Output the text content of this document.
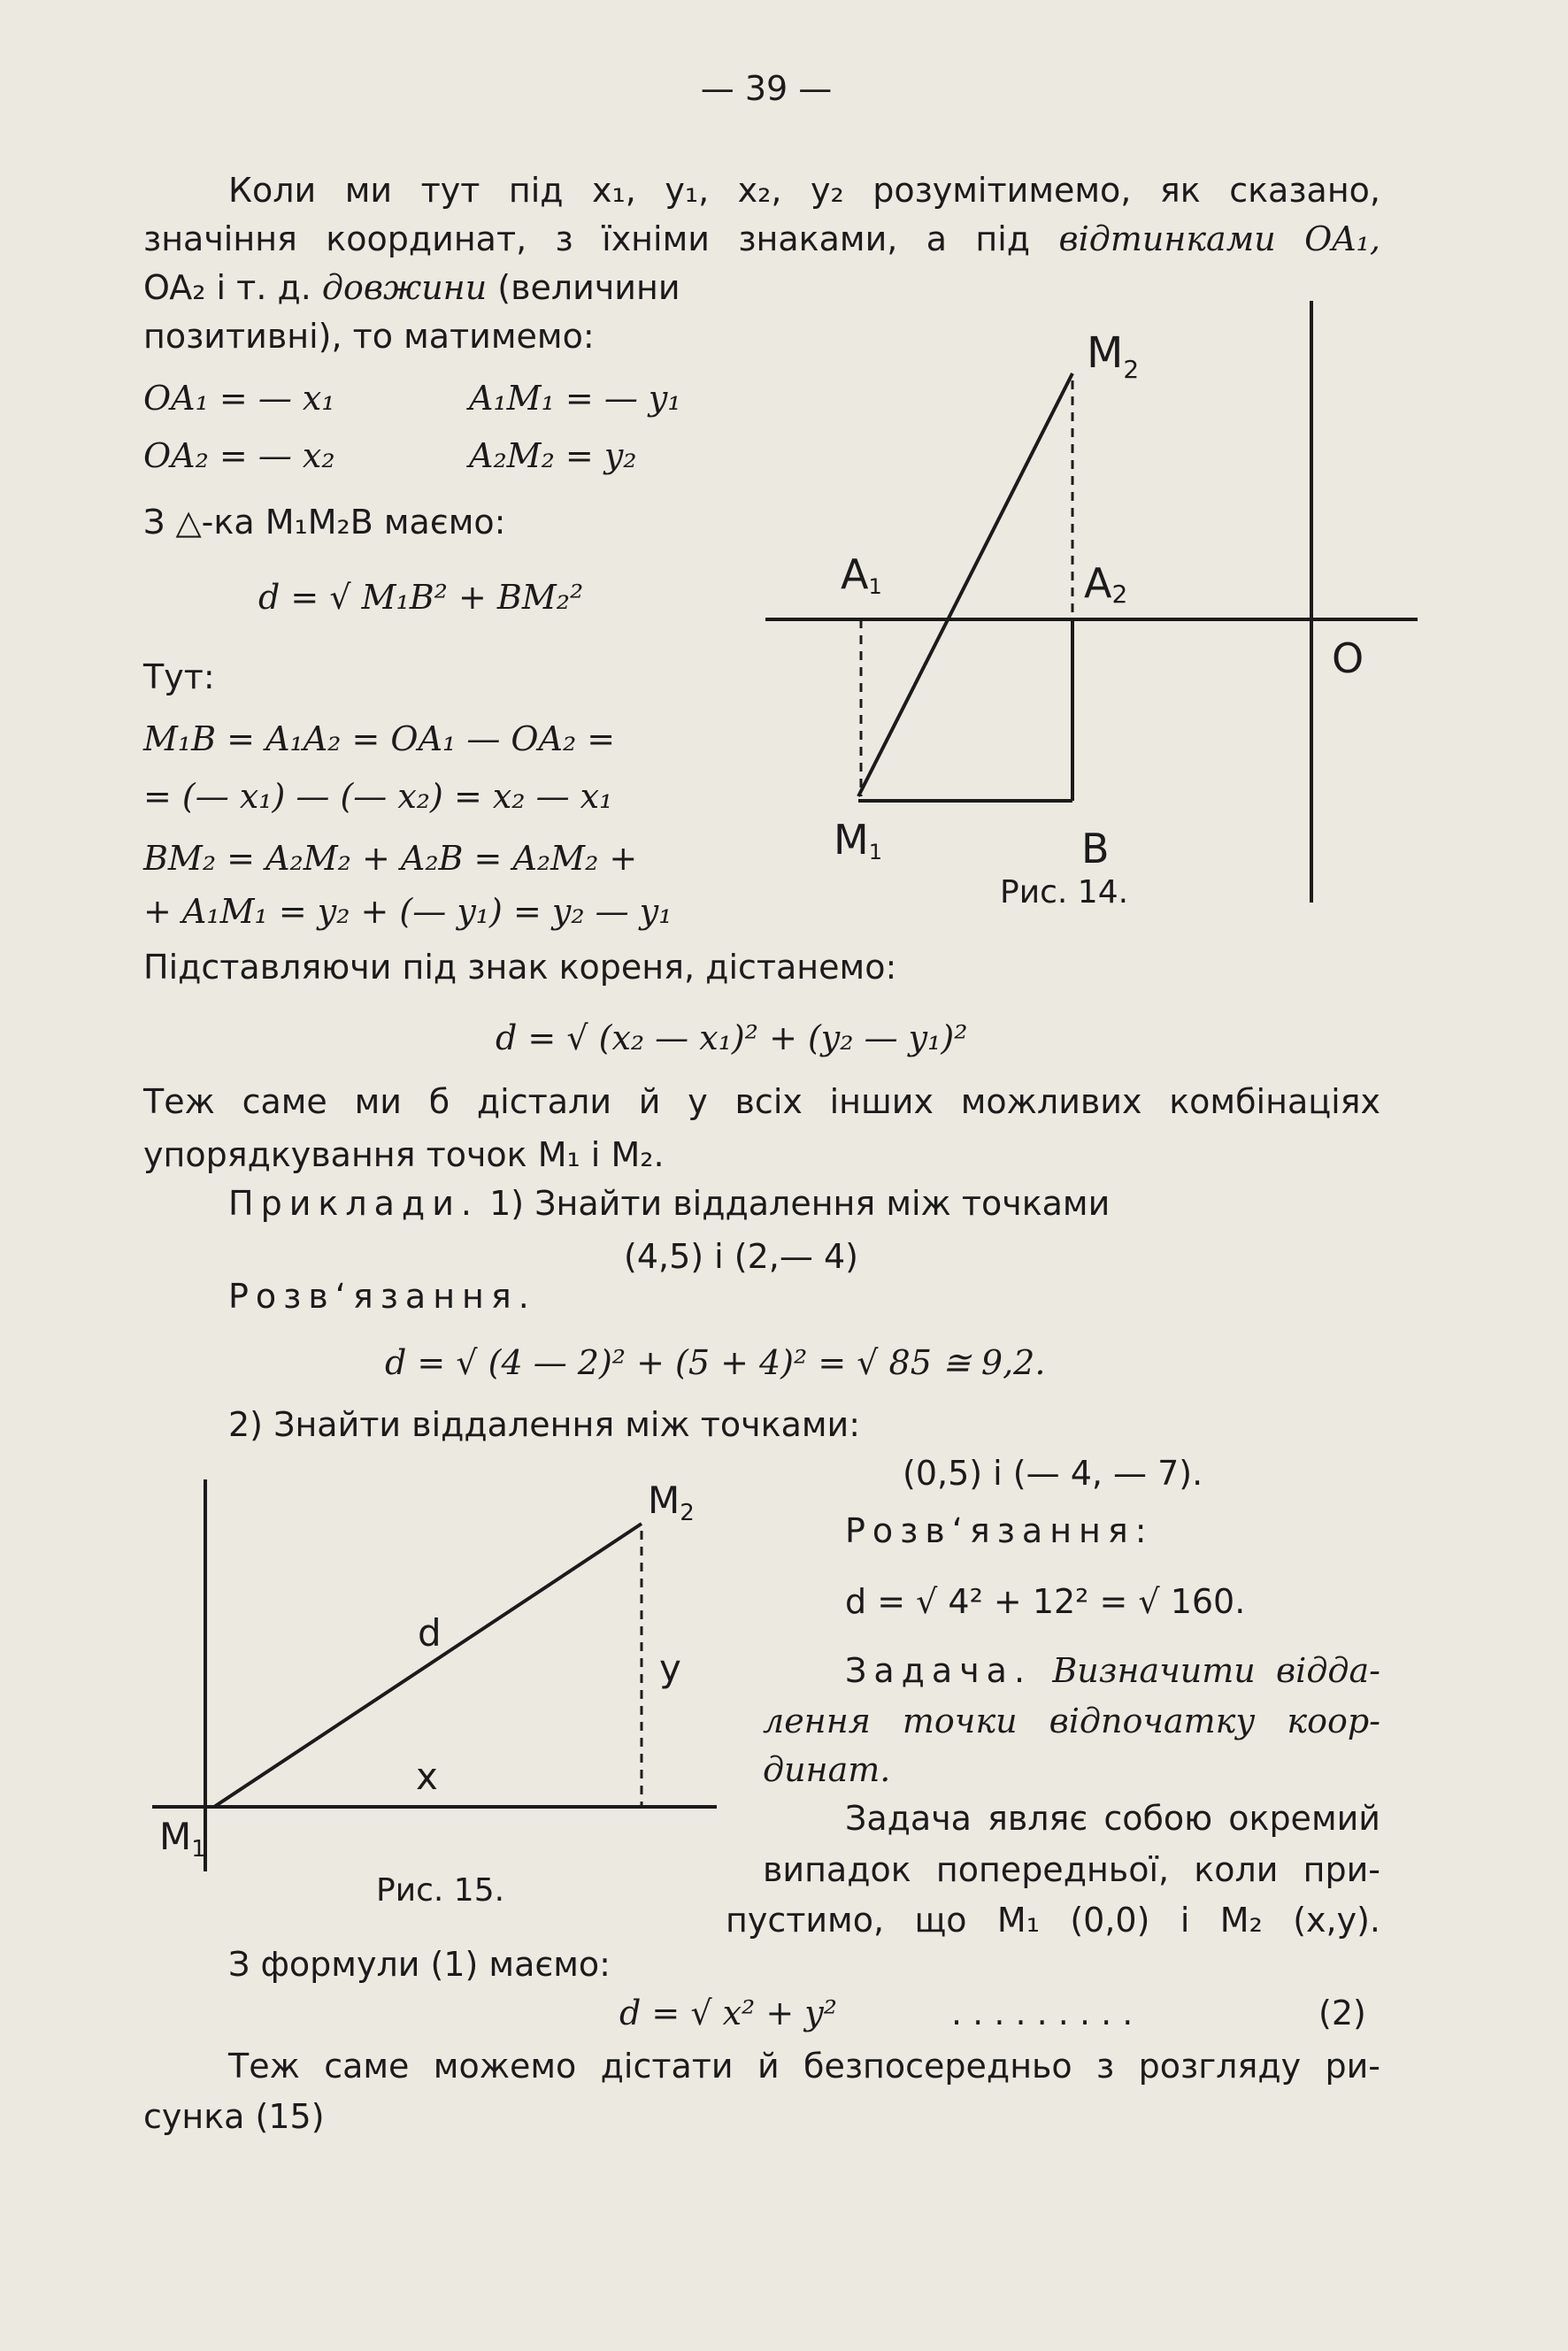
— 39 —
Коли ми тут під x₁, y₁, x₂, y₂ розумітимемо, як сказано,
значіння координат, з їхніми знаками, а під відтинками OA₁,
OA₂ і т. д. довжини (величини
позитивні), то матимемо:
OA₁ = — x₁	A₁M₁ = — y₁
OA₂ = — x₂	A₂M₂ = y₂
З △-ка M₁M₂B маємо:
d = √ M₁B² + BM₂²
Тут:
M₁B = A₁A₂ = OA₁ — OA₂ =
= (— x₁) — (— x₂) = x₂ — x₁
BM₂ = A₂M₂ + A₂B = A₂M₂ +
+ A₁M₁ = y₂ + (— y₁) = y₂ — y₁
$M_2$
A1	A2
O
M1	B
Рис. 14.
Підставляючи під знак кореня, дістанемо:
d = √ (x₂ — x₁)² + (y₂ — y₁)²
Теж саме ми б дістали й у всіх інших можливих комбінаціях
упорядкування точок M₁ і M₂.
Приклади. 1) Знайти віддалення між точками
(4,5) і (2,— 4)
Розв‘язання.
d = √ (4 — 2)² + (5 + 4)² = √ 85 ≅ 9,2.
2) Знайти віддалення між точками:
(0,5) і (— 4, — 7).
Розв‘язання:
d = √ 4² + 12² = √ 160.
Задача. Визначити відда-
лення точки відпочатку коор-
динат.
Задача являє собою окремий
випадок попередньої, коли при-
пустимо, що M₁ (0,0) і M₂ (x,y).
M2
d
y
x
M1
Рис. 15.
З формули (1) маємо:
d = √ x² + y²	. . . . . . . . .	(2)
Теж саме можемо дістати й безпосередньо з розгляду ри-
сунка (15)
